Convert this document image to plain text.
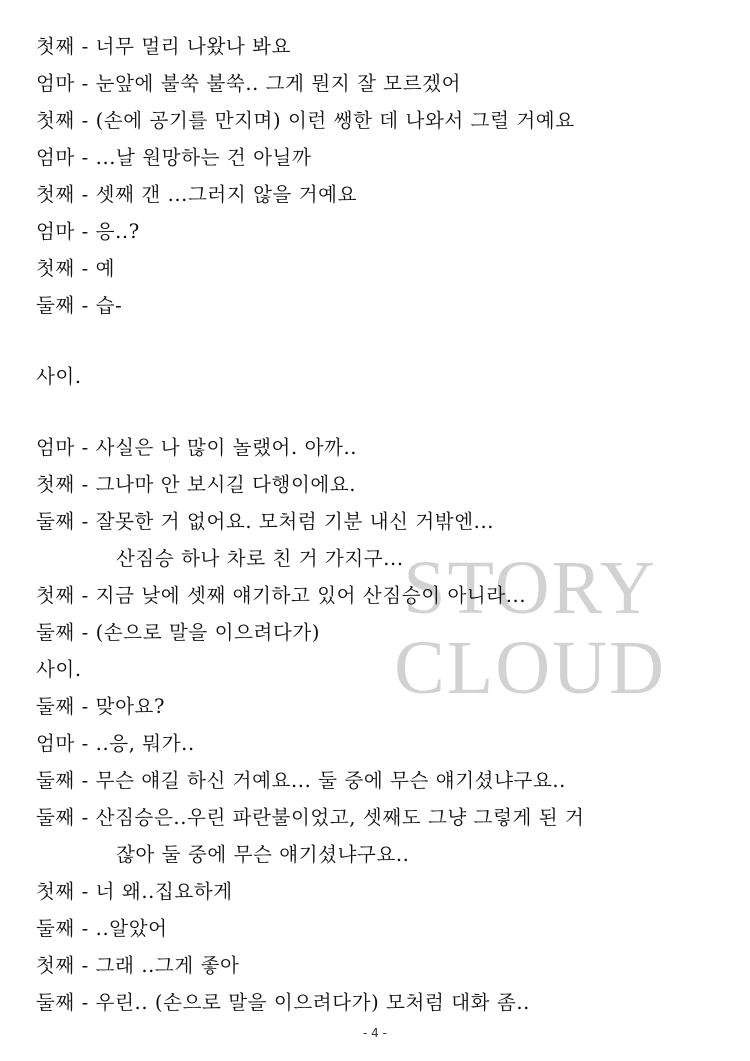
STORY
CLOUD
첫째 - 너무 멀리 나왔나 봐요
엄마 - 눈앞에 불쑥 불쑥.. 그게 뭔지 잘 모르겠어
첫째 - (손에 공기를 만지며) 이런 쌩한 데 나와서 그럴 거예요
엄마 - ...날 원망하는 건 아닐까
첫째 - 셋째 갠 ...그러지 않을 거예요
엄마 - 응..?
첫째 - 예
둘째 - 습-
사이.
엄마 - 사실은 나 많이 놀랬어. 아까..
첫째 - 그나마 안 보시길 다행이에요.
둘째 - 잘못한 거 없어요. 모처럼 기분 내신 거밖엔...
산짐승 하나 차로 친 거 가지구...
첫째 - 지금 낮에 셋째 얘기하고 있어 산짐승이 아니라...
둘째 - (손으로 말을 이으려다가)
사이.
둘째 - 맞아요?
엄마 - ..응, 뭐가..
둘째 - 무슨 얘길 하신 거예요... 둘 중에 무슨 얘기셨냐구요..
둘째 - 산짐승은..우린 파란불이었고, 셋째도 그냥 그렇게 된 거
잖아 둘 중에 무슨 얘기셨냐구요..
첫째 - 너 왜..집요하게
둘째 - ..알았어
첫째 - 그래 ..그게 좋아
둘째 - 우린.. (손으로 말을 이으려다가) 모처럼 대화 좀..
- 4 -
